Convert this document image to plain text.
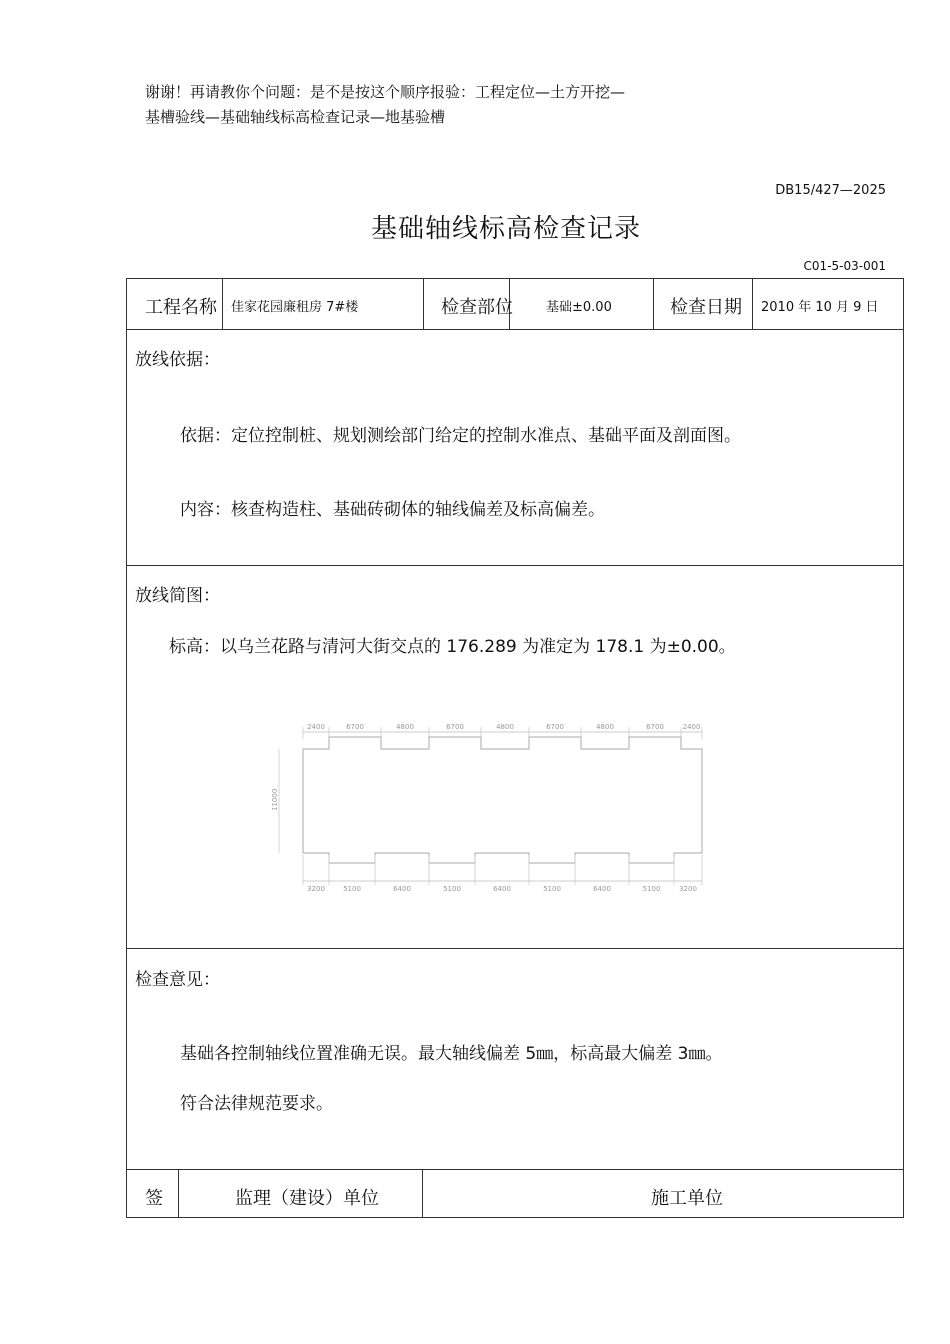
谢谢！再请教你个问题：是不是按这个顺序报验：工程定位—土方开挖—
基槽验线—基础轴线标高检查记录—地基验槽
DB15/427—2025
基础轴线标高检查记录
C01-5-03-001
工程名称 佳家花园廉租房 7#楼	检查部位	基础±0.00	检查日期 2010 年 10 月 9 日
放线依据：
依据：定位控制桩、规划测绘部门给定的控制水准点、基础平面及剖面图。
内容：核查构造柱、基础砖砌体的轴线偏差及标高偏差。
放线简图：
标高：以乌兰花路与清河大街交点的 176.289 为准定为 178.1 为±0.00。
2400	6700	4800	6700	4800	6700	4800	6700	2400
11000
3200	5100	6400	5100	6400	5100	6400	5100	3200
检查意见：
基础各控制轴线位置准确无误。最大轴线偏差 5㎜，标高最大偏差 3㎜。
符合法律规范要求。
签	监理（建设）单位	施工单位
